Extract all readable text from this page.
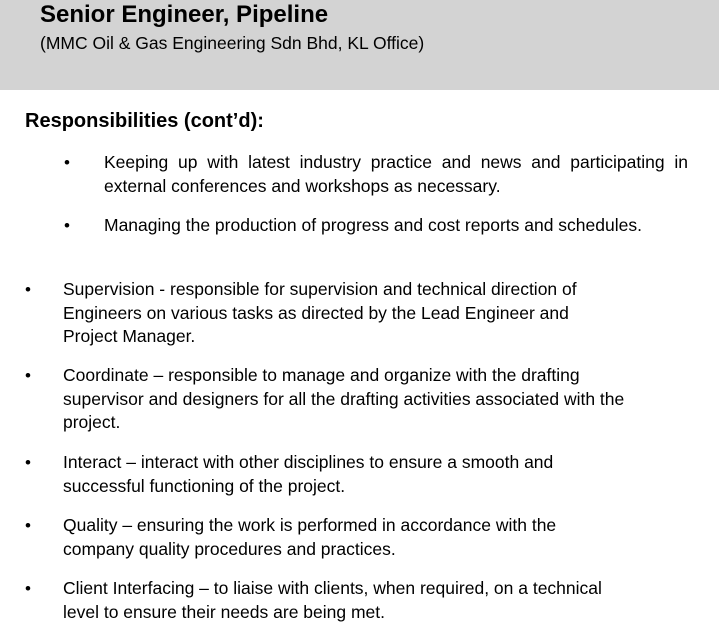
Senior Engineer, Pipeline
(MMC Oil & Gas Engineering Sdn Bhd, KL Office)
Responsibilities (cont’d):
• Keeping up with latest industry practice and news and participating in external conferences and workshops as necessary.
• Managing the production of progress and cost reports and schedules.
• Supervision - responsible for supervision and technical direction of
Engineers on various tasks as directed by the Lead Engineer and
Project Manager.
• Coordinate – responsible to manage and organize with the drafting
supervisor and designers for all the drafting activities associated with the
project.
• Interact – interact with other disciplines to ensure a smooth and
successful functioning of the project.
• Quality – ensuring the work is performed in accordance with the
company quality procedures and practices.
• Client Interfacing – to liaise with clients, when required, on a technical
level to ensure their needs are being met.
